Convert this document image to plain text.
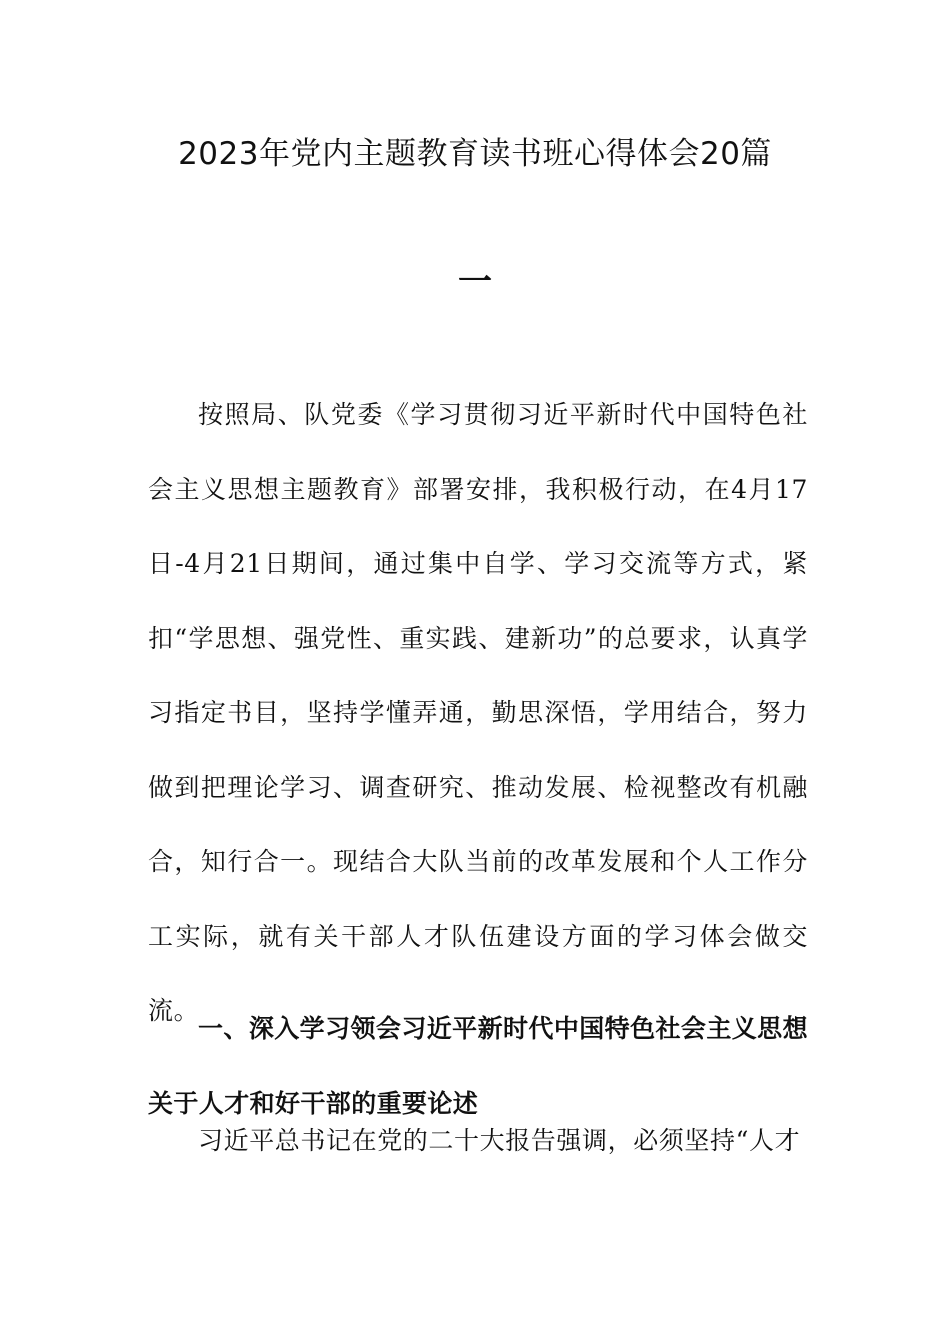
2023年党内主题教育读书班心得体会20篇
一

按照局、队党委《学习贯彻习近平新时代中国特色社会主义思想主题教育》部署安排，我积极行动，在4月17日-4月21日期间，通过集中自学、学习交流等方式，紧扣“学思想、强党性、重实践、建新功”的总要求，认真学习指定书目，坚持学懂弄通，勤思深悟，学用结合，努力做到把理论学习、调查研究、推动发展、检视整改有机融合，知行合一。现结合大队当前的改革发展和个人工作分工实际，就有关干部人才队伍建设方面的学习体会做交流。

一、深入学习领会习近平新时代中国特色社会主义思想关于人才和好干部的重要论述

习近平总书记在党的二十大报告强调，必须坚持“人才
